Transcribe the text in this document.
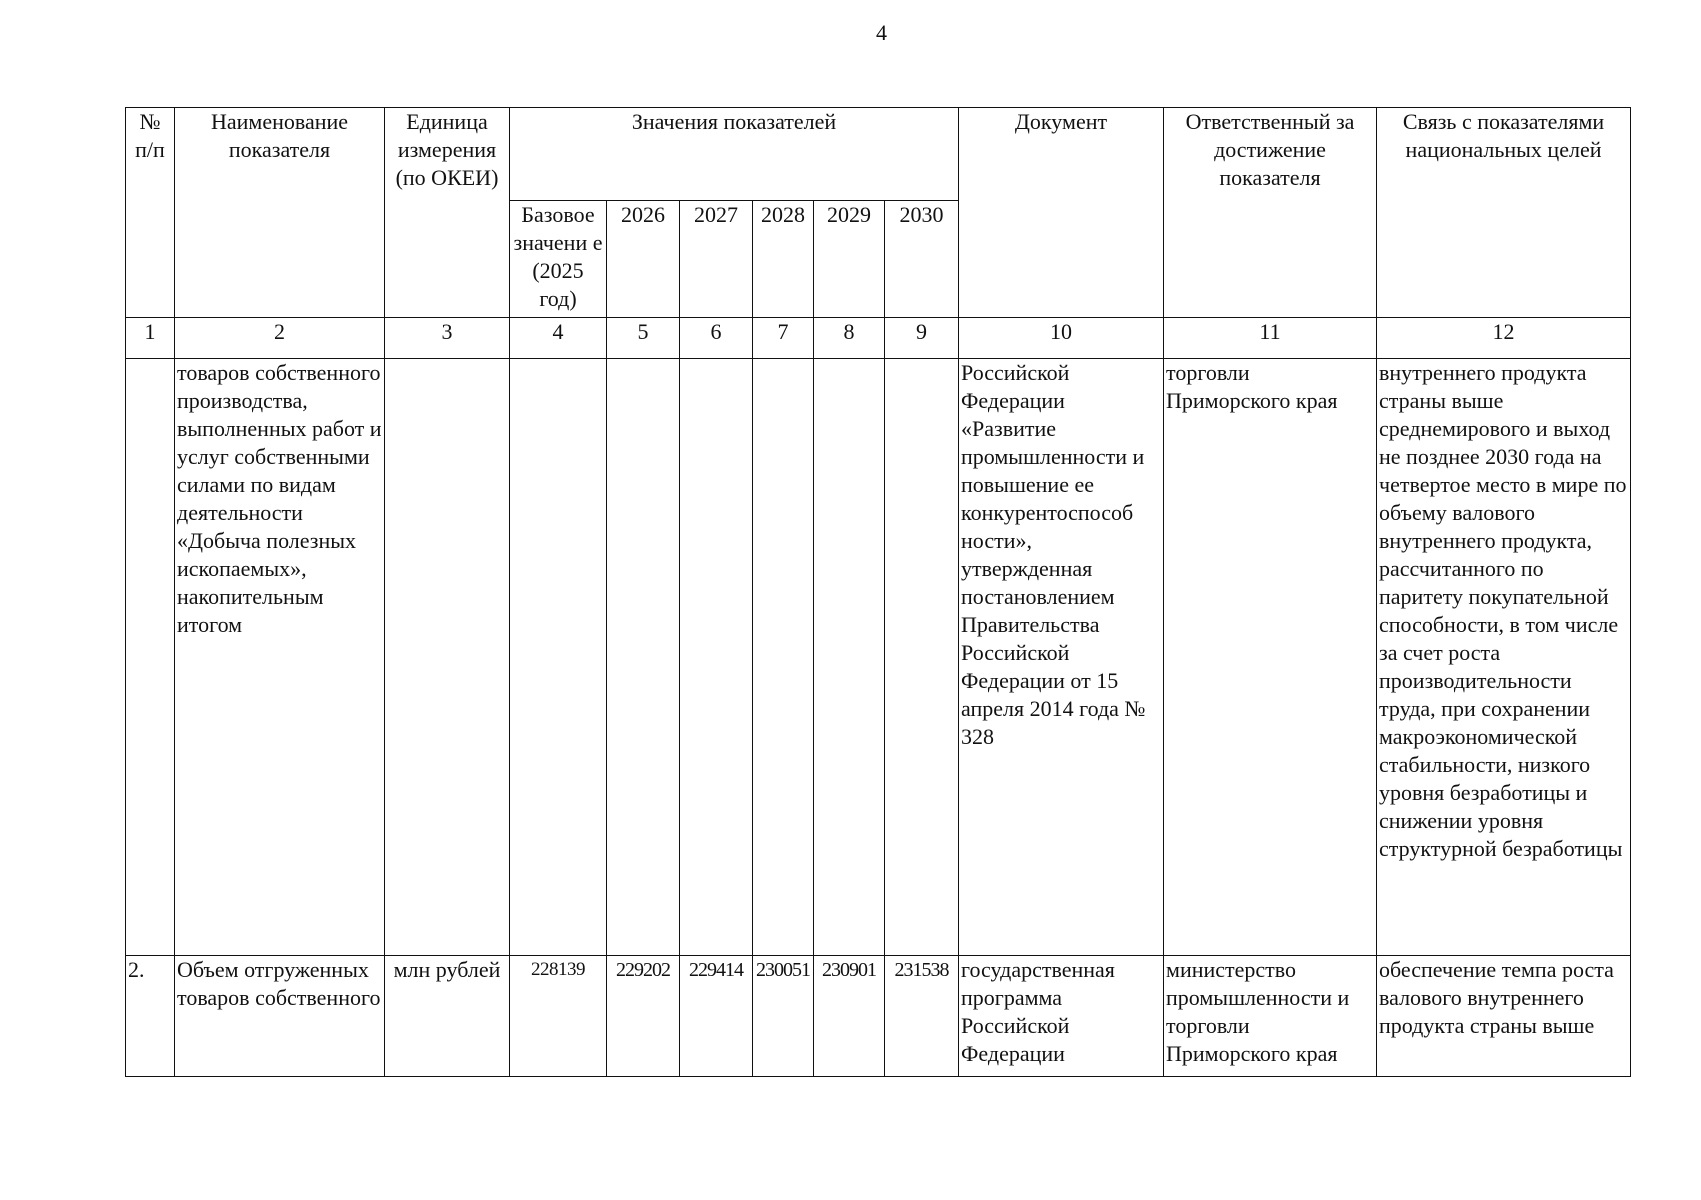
4
№ п/п	Наименование показателя	Единица измерения (по ОКЕИ)	Значения показателей						Документ	Ответственный за достижение показателя	Связь с показателями национальных целей
			Базовое значени е (2025 год)	2026	2027	2028	2029	2030			
1	2	3	4	5	6	7	8	9	10	11	12
	товаров собственного производства, выполненных работ и услуг собственными силами по видам деятельности «Добыча полезных ископаемых», накопительным итогом								Российской Федерации «Развитие промышленности и повышение ее конкурентоспособ ности», утвержденная постановлением Правительства Российской Федерации от 15 апреля 2014 года № 328	торговли Приморского края	внутреннего продукта страны выше среднемирового и выход не позднее 2030 года на четвертое место в мире по объему валового внутреннего продукта, рассчитанного по паритету покупательной способности, в том числе за счет роста производительности труда, при сохранении макроэкономической стабильности, низкого уровня безработицы и снижении уровня структурной безработицы
2.	Объем отгруженных товаров собственного	млн рублей	228139	229202	229414	230051	230901	231538	государственная программа Российской Федерации	министерство промышленности и торговли Приморского края	обеспечение темпа роста валового внутреннего продукта страны выше
